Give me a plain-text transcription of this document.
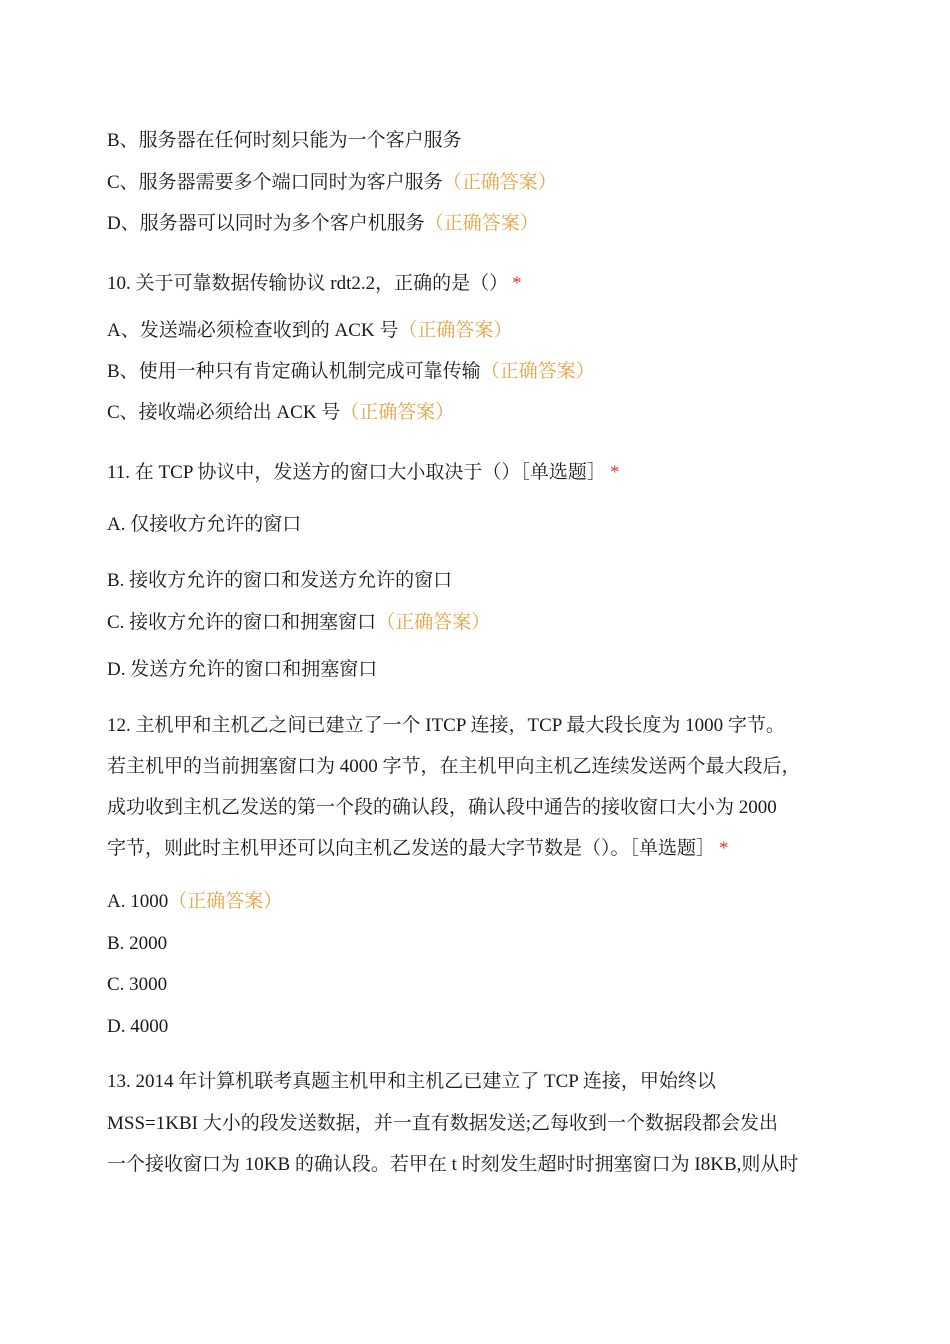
B、服务器在任何时刻只能为一个客户服务
C、服务器需要多个端口同时为客户服务（正确答案）
D、服务器可以同时为多个客户机服务（正确答案）
10. 关于可靠数据传输协议 rdt2.2，正确的是（） *
A、发送端必须检查收到的 ACK 号（正确答案）
B、使用一种只有肯定确认机制完成可靠传输（正确答案）
C、接收端必须给出 ACK 号（正确答案）
11. 在 TCP 协议中，发送方的窗口大小取决于（）［单选题］ *
A. 仅接收方允许的窗口
B. 接收方允许的窗口和发送方允许的窗口
C. 接收方允许的窗口和拥塞窗口（正确答案）
D. 发送方允许的窗口和拥塞窗口
12. 主机甲和主机乙之间已建立了一个 ITCP 连接，TCP 最大段长度为 1000 字节。
若主机甲的当前拥塞窗口为 4000 字节，在主机甲向主机乙连续发送两个最大段后，
成功收到主机乙发送的第一个段的确认段，确认段中通告的接收窗口大小为 2000
字节，则此时主机甲还可以向主机乙发送的最大字节数是（）。［单选题］ *
A. 1000（正确答案）
B. 2000
C. 3000
D. 4000
13. 2014 年计算机联考真题主机甲和主机乙已建立了 TCP 连接，甲始终以
MSS=1KBI 大小的段发送数据，并一直有数据发送;乙每收到一个数据段都会发出
一个接收窗口为 10KB 的确认段。若甲在 t 时刻发生超时时拥塞窗口为 I8KB,则从时
